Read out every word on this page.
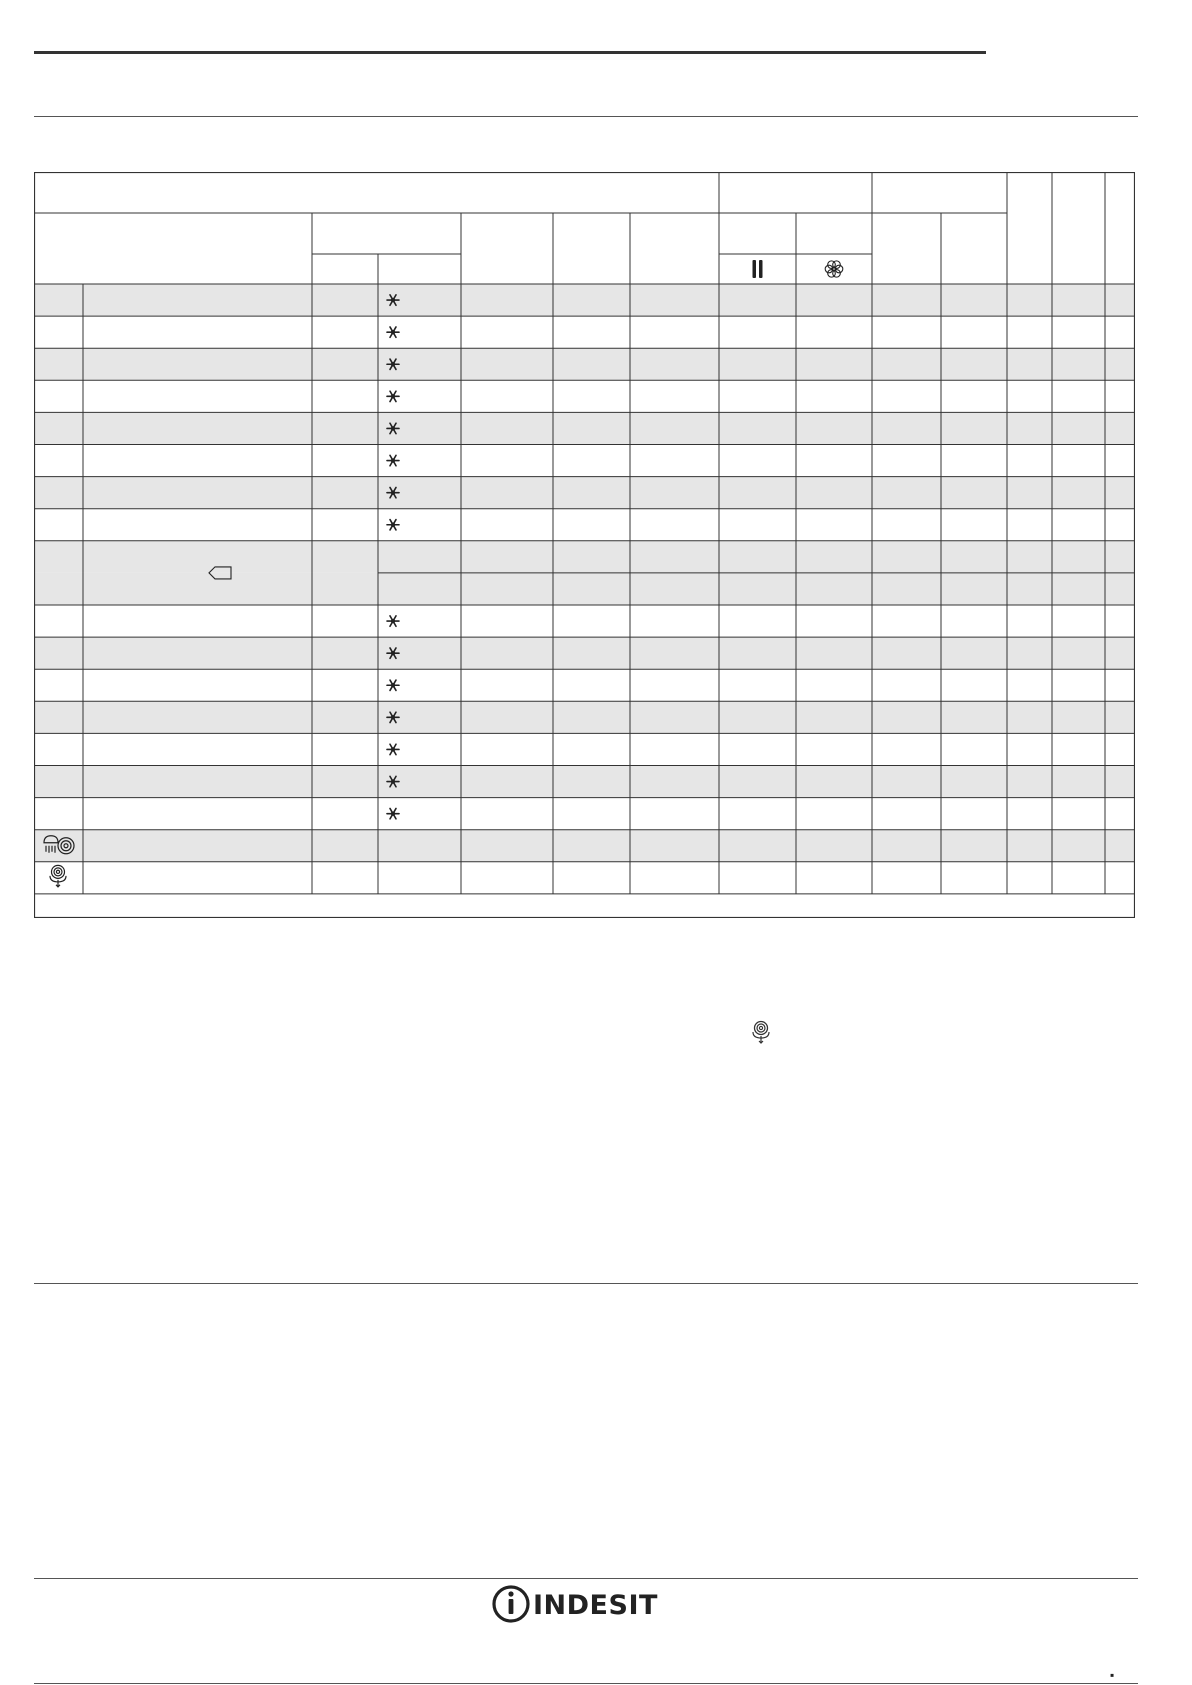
INDESIT
▪
